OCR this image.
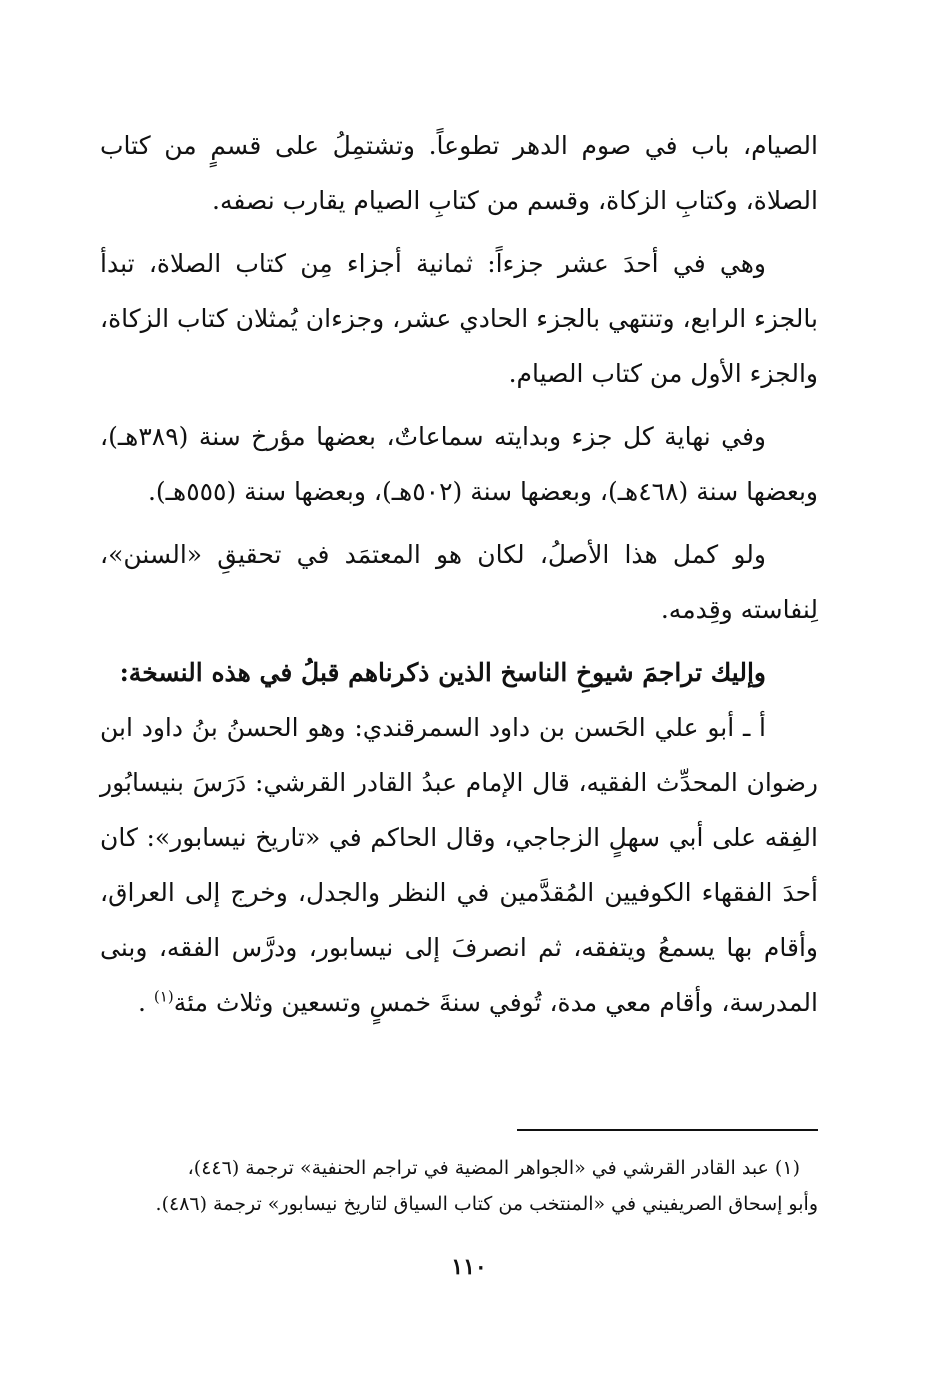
الصيام، باب في صوم الدهر تطوعاً. وتشتمِلُ على قسمٍ من كتاب الصلاة، وكتابِ الزكاة، وقسم من كتابِ الصيام يقارب نصفه.

وهي في أحدَ عشر جزءاً: ثمانية أجزاء مِن كتاب الصلاة، تبدأ بالجزء الرابع، وتنتهي بالجزء الحادي عشر، وجزءان يُمثلان كتاب الزكاة، والجزء الأول من كتاب الصيام.

وفي نهاية كل جزء وبدايته سماعاتٌ، بعضها مؤرخ سنة (٣٨٩هـ)، وبعضها سنة (٤٦٨هـ)، وبعضها سنة (٥٠٢هـ)، وبعضها سنة (٥٥٥هـ).

ولو كمل هذا الأصلُ، لكان هو المعتمَد في تحقيقِ «السنن»، لِنفاسته وقِدمه.

وإليك تراجمَ شيوخِ الناسخ الذين ذكرناهم قبلُ في هذه النسخة:

أ ـ أبو علي الحَسن بن داود السمرقندي: وهو الحسنُ بنُ داود ابن رضوان المحدِّث الفقيه، قال الإمام عبدُ القادر القرشي: دَرَسَ بنيسابُور الفِقه على أبي سهلٍ الزجاجي، وقال الحاكم في «تاريخ نيسابور»: كان أحدَ الفقهاء الكوفيين المُقدَّمين في النظر والجدل، وخرج إلى العراق، وأقام بها يسمعُ ويتفقه، ثم انصرفَ إلى نيسابور، ودرَّس الفقه، وبنى المدرسة، وأقام معي مدة، تُوفي سنةَ خمسٍ وتسعين وثلاث مئة$^{(١)}$ .

(١) عبد القادر القرشي في «الجواهر المضية في تراجم الحنفية» ترجمة (٤٤٦)،

وأبو إسحاق الصريفيني في «المنتخب من كتاب السياق لتاريخ نيسابور» ترجمة (٤٨٦).

١١٠
